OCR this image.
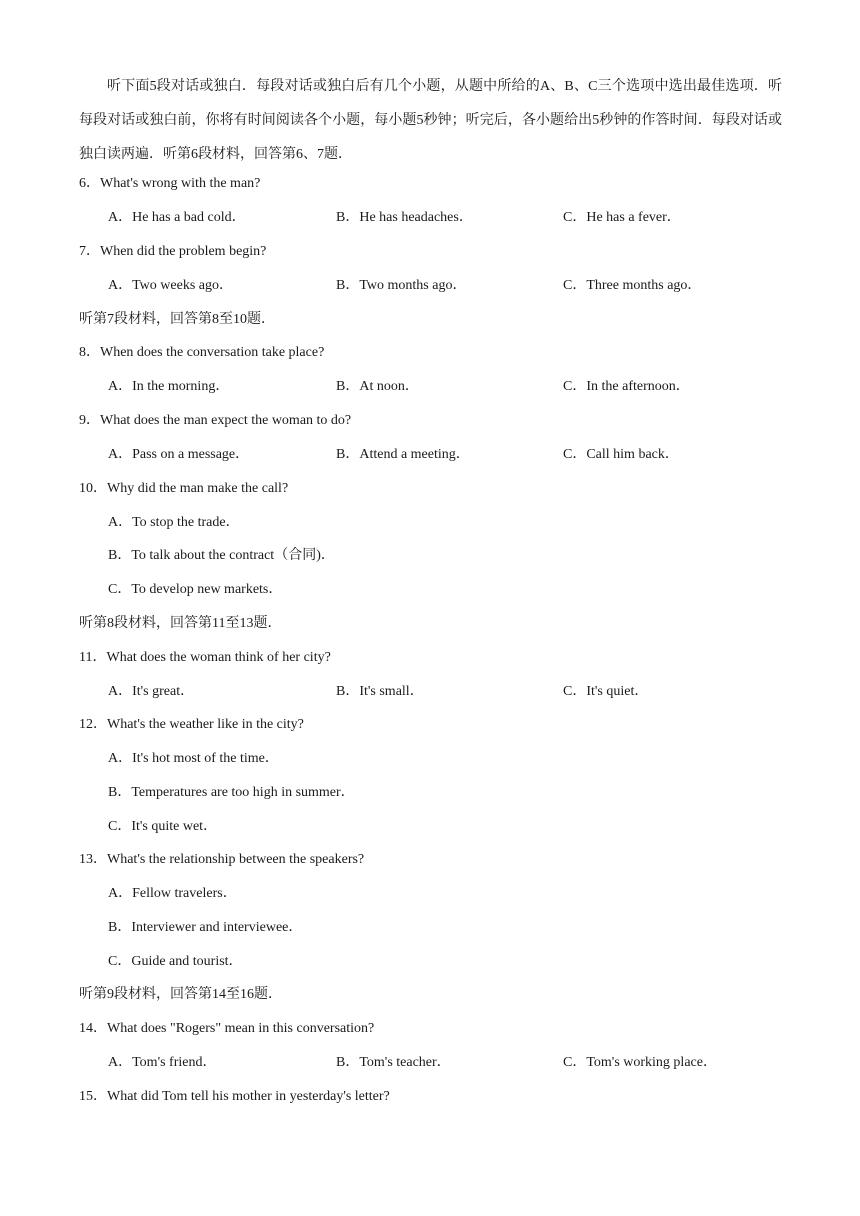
听下面5段对话或独白．每段对话或独白后有几个小题，从题中所给的A、B、C三个选项中选出最佳选项．听每段对话或独白前，你将有时间阅读各个小题，每小题5秒钟；听完后，各小题给出5秒钟的作答时间．每段对话或独白读两遍．听第6段材料，回答第6、7题．
6．What's wrong with the man?
A．He has a bad cold．	B．He has headaches．	C．He has a fever．
7．When did the problem begin?
A．Two weeks ago．	B．Two months ago．	C．Three months ago．
听第7段材料，回答第8至10题．
8．When does the conversation take place?
A．In the morning．	B．At noon．	C．In the afternoon．
9．What does the man expect the woman to do?
A．Pass on a message．	B．Attend a meeting．	C．Call him back．
10．Why did the man make the call?
A．To stop the trade．
B．To talk about the contract（合同)．
C．To develop new markets．
听第8段材料，回答第11至13题．
11．What does the woman think of her city?
A．It's great．	B．It's small．	C．It's quiet．
12．What's the weather like in the city?
A．It's hot most of the time．
B．Temperatures are too high in summer．
C．It's quite wet．
13．What's the relationship between the speakers?
A．Fellow travelers．
B．Interviewer and interviewee．
C．Guide and tourist．
听第9段材料，回答第14至16题．
14．What does "Rogers" mean in this conversation?
A．Tom's friend．	B．Tom's teacher．	C．Tom's working place．
15．What did Tom tell his mother in yesterday's letter?
